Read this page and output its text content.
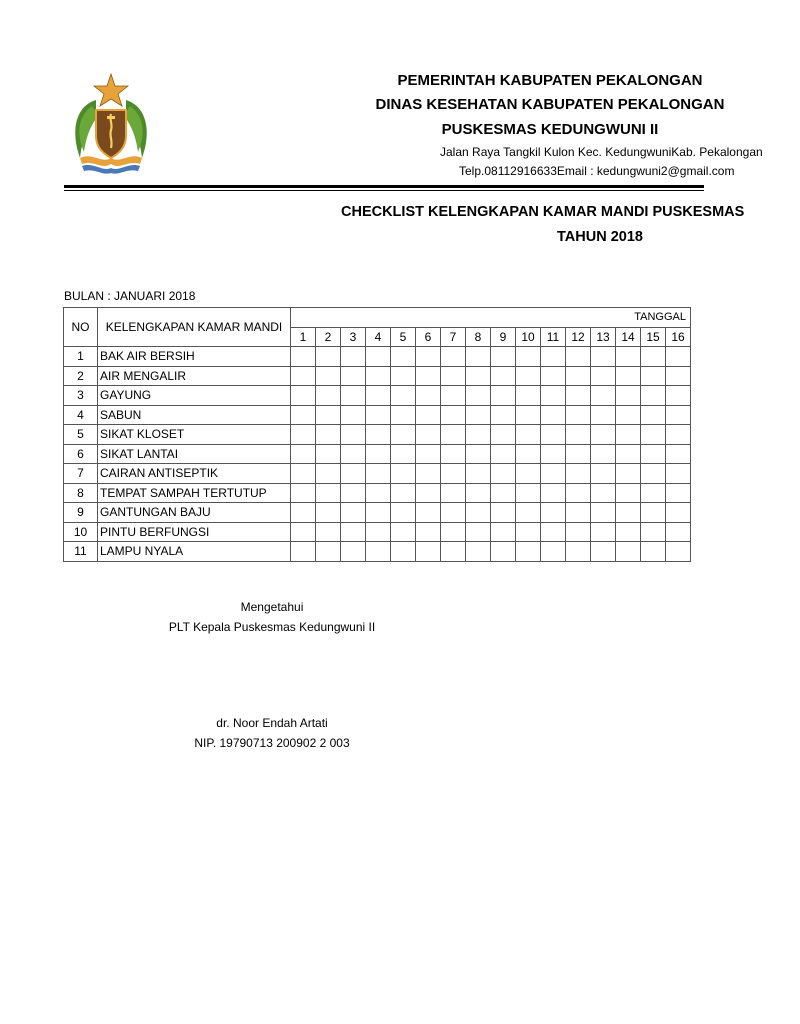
PEMERINTAH KABUPATEN PEKALONGAN
DINAS KESEHATAN KABUPATEN PEKALONGAN
PUSKESMAS KEDUNGWUNI II
Jalan Raya Tangkil Kulon Kec. KedungwuniKab. Pekalongan
Telp.08112916633Email : kedungwuni2@gmail.com
CHECKLIST KELENGKAPAN KAMAR MANDI PUSKESMAS
TAHUN 2018
BULAN : JANUARI 2018
NO	KELENGKAPAN KAMAR MANDI	TANGGAL															
		1	2	3	4	5	6	7	8	9	10	11	12	13	14	15	16
1	BAK AIR BERSIH																
2	AIR MENGALIR																
3	GAYUNG																
4	SABUN																
5	SIKAT KLOSET																
6	SIKAT LANTAI																
7	CAIRAN ANTISEPTIK																
8	TEMPAT SAMPAH TERTUTUP																
9	GANTUNGAN BAJU																
10	PINTU BERFUNGSI																
11	LAMPU NYALA																
Mengetahui
PLT Kepala Puskesmas Kedungwuni II
dr. Noor Endah Artati
NIP. 19790713 200902 2 003
